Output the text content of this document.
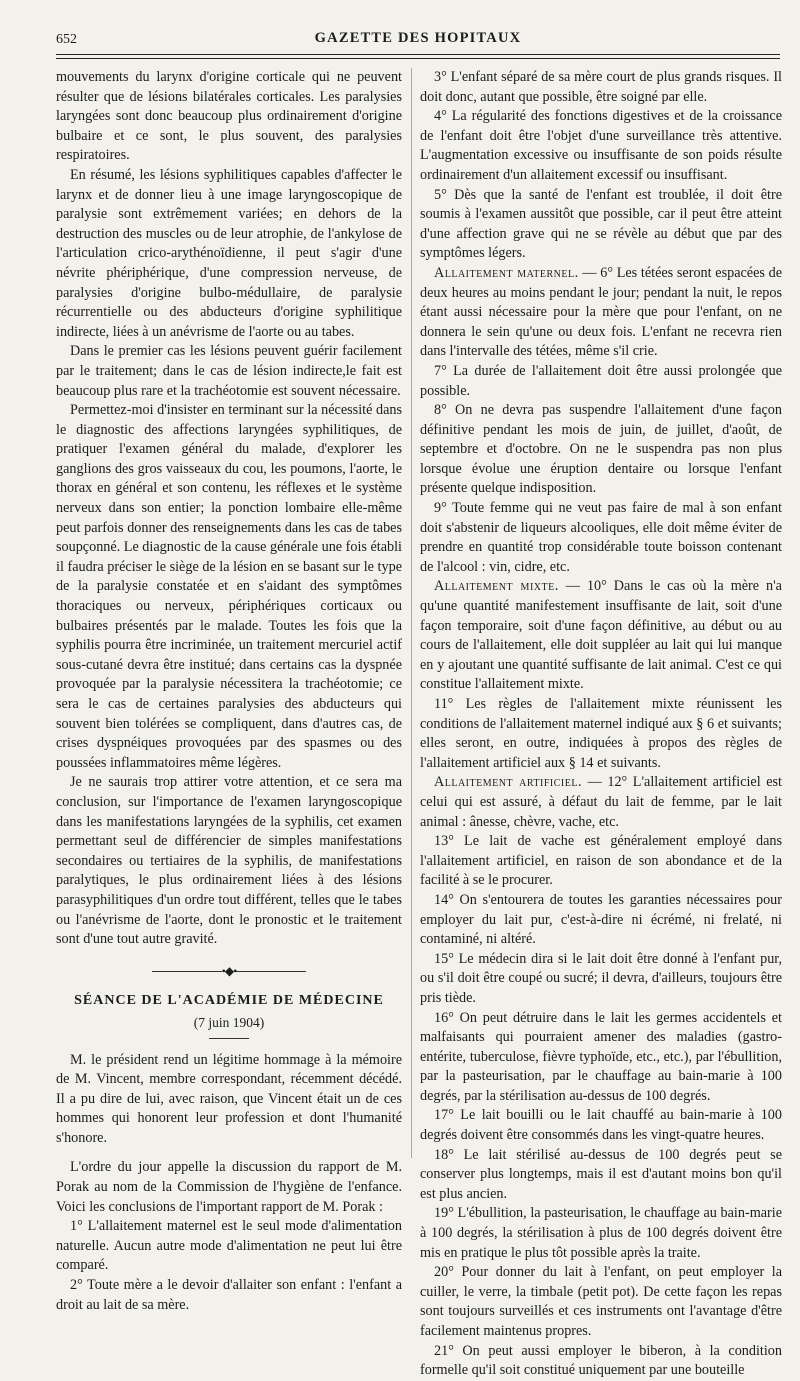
652	GAZETTE DES HOPITAUX

mouvements du larynx d'origine corticale qui ne peuvent résulter que de lésions bilatérales corticales. Les paralysies laryngées sont donc beaucoup plus ordinairement d'origine bulbaire et ce sont, le plus souvent, des paralysies respiratoires.

En résumé, les lésions syphilitiques capables d'affecter le larynx et de donner lieu à une image laryngoscopique de paralysie sont extrêmement variées; en dehors de la destruction des muscles ou de leur atrophie, de l'ankylose de l'articulation crico-arythénoïdienne, il peut s'agir d'une névrite phériphérique, d'une compression nerveuse, de paralysies d'origine bulbo-médullaire, de paralysie récurrentielle ou des abducteurs d'origine syphilitique indirecte, liées à un anévrisme de l'aorte ou au tabes.

Dans le premier cas les lésions peuvent guérir facilement par le traitement; dans le cas de lésion indirecte,le fait est beaucoup plus rare et la trachéotomie est souvent nécessaire.

Permettez-moi d'insister en terminant sur la nécessité dans le diagnostic des affections laryngées syphilitiques, de pratiquer l'examen général du malade, d'explorer les ganglions des gros vaisseaux du cou, les poumons, l'aorte, le thorax en général et son contenu, les réflexes et le système nerveux dans son entier; la ponction lombaire elle-même peut parfois donner des renseignements dans les cas de tabes soupçonné. Le diagnostic de la cause générale une fois établi il faudra préciser le siège de la lésion en se basant sur le type de la paralysie constatée et en s'aidant des symptômes thoraciques ou nerveux, périphériques corticaux ou bulbaires présentés par le malade. Toutes les fois que la syphilis pourra être incriminée, un traitement mercuriel actif sous-cutané devra être institué; dans certains cas la dyspnée provoquée par la paralysie nécessitera la trachéotomie; ce sera le cas de certaines paralysies des abducteurs qui souvent bien tolérées se compliquent, dans d'autres cas, de crises dyspnéiques provoquées par des spasmes ou des poussées inflammatoires même légères.

Je ne saurais trop attirer votre attention, et ce sera ma conclusion, sur l'importance de l'examen laryngoscopique dans les manifestations laryngées de la syphilis, cet examen permettant seul de différencier de simples manifestations secondaires ou tertiaires de la syphilis, de manifestations paralytiques, le plus ordinairement liées à des lésions parasyphilitiques d'un ordre tout différent, telles que le tabes ou l'anévrisme de l'aorte, dont le pronostic et le traitement sont d'une tout autre gravité.

•◆•
SÉANCE DE L'ACADÉMIE DE MÉDECINE
(7 juin 1904)

M. le président rend un légitime hommage à la mémoire de M. Vincent, membre correspondant, récemment décédé. Il a pu dire de lui, avec raison, que Vincent était un de ces hommes qui honorent leur profession et dont l'humanité s'honore.

L'ordre du jour appelle la discussion du rapport de M. Porak au nom de la Commission de l'hygiène de l'enfance. Voici les conclusions de l'important rapport de M. Porak :

1° L'allaitement maternel est le seul mode d'alimentation naturelle. Aucun autre mode d'alimentation ne peut lui être comparé.

2° Toute mère a le devoir d'allaiter son enfant : l'enfant a droit au lait de sa mère.

3° L'enfant séparé de sa mère court de plus grands risques. Il doit donc, autant que possible, être soigné par elle.

4° La régularité des fonctions digestives et de la croissance de l'enfant doit être l'objet d'une surveillance très attentive. L'augmentation excessive ou insuffisante de son poids résulte ordinairement d'un allaitement excessif ou insuffisant.

5° Dès que la santé de l'enfant est troublée, il doit être soumis à l'examen aussitôt que possible, car il peut être atteint d'une affection grave qui ne se révèle au début que par des symptômes légers.

Allaitement maternel. — 6° Les tétées seront espacées de deux heures au moins pendant le jour; pendant la nuit, le repos étant aussi nécessaire pour la mère que pour l'enfant, on ne donnera le sein qu'une ou deux fois. L'enfant ne recevra rien dans l'intervalle des tétées, même s'il crie.

7° La durée de l'allaitement doit être aussi prolongée que possible.

8° On ne devra pas suspendre l'allaitement d'une façon définitive pendant les mois de juin, de juillet, d'août, de septembre et d'octobre. On ne le suspendra pas non plus lorsque évolue une éruption dentaire ou lorsque l'enfant présente quelque indisposition.

9° Toute femme qui ne veut pas faire de mal à son enfant doit s'abstenir de liqueurs alcooliques, elle doit même éviter de prendre en quantité trop considérable toute boisson contenant de l'alcool : vin, cidre, etc.

Allaitement mixte. — 10° Dans le cas où la mère n'a qu'une quantité manifestement insuffisante de lait, soit d'une façon temporaire, soit d'une façon définitive, au début ou au cours de l'allaitement, elle doit suppléer au lait qui lui manque en y ajoutant une quantité suffisante de lait animal. C'est ce qui constitue l'allaitement mixte.

11° Les règles de l'allaitement mixte réunissent les conditions de l'allaitement maternel indiqué aux § 6 et suivants; elles seront, en outre, indiquées à propos des règles de l'allaitement artificiel aux § 14 et suivants.

Allaitement artificiel. — 12° L'allaitement artificiel est celui qui est assuré, à défaut du lait de femme, par le lait animal : ânesse, chèvre, vache, etc.

13° Le lait de vache est généralement employé dans l'allaitement artificiel, en raison de son abondance et de la facilité à se le procurer.

14° On s'entourera de toutes les garanties nécessaires pour employer du lait pur, c'est-à-dire ni écrémé, ni frelaté, ni contaminé, ni altéré.

15° Le médecin dira si le lait doit être donné à l'enfant pur, ou s'il doit être coupé ou sucré; il devra, d'ailleurs, toujours être pris tiède.

16° On peut détruire dans le lait les germes accidentels et malfaisants qui pourraient amener des maladies (gastro-entérite, tuberculose, fièvre typhoïde, etc., etc.), par l'ébullition, par la pasteurisation, par le chauffage au bain-marie à 100 degrés, par la stérilisation au-dessus de 100 degrés.

17° Le lait bouilli ou le lait chauffé au bain-marie à 100 degrés doivent être consommés dans les vingt-quatre heures.

18° Le lait stérilisé au-dessus de 100 degrés peut se conserver plus longtemps, mais il est d'autant moins bon qu'il est plus ancien.

19° L'ébullition, la pasteurisation, le chauffage au bain-marie à 100 degrés, la stérilisation à plus de 100 degrés doivent être mis en pratique le plus tôt possible après la traite.

20° Pour donner du lait à l'enfant, on peut employer la cuiller, le verre, la timbale (petit pot). De cette façon les repas sont toujours surveillés et ces instruments ont l'avantage d'être facilement maintenus propres.

21° On peut aussi employer le biberon, à la condition formelle qu'il soit constitué uniquement par une bouteille
